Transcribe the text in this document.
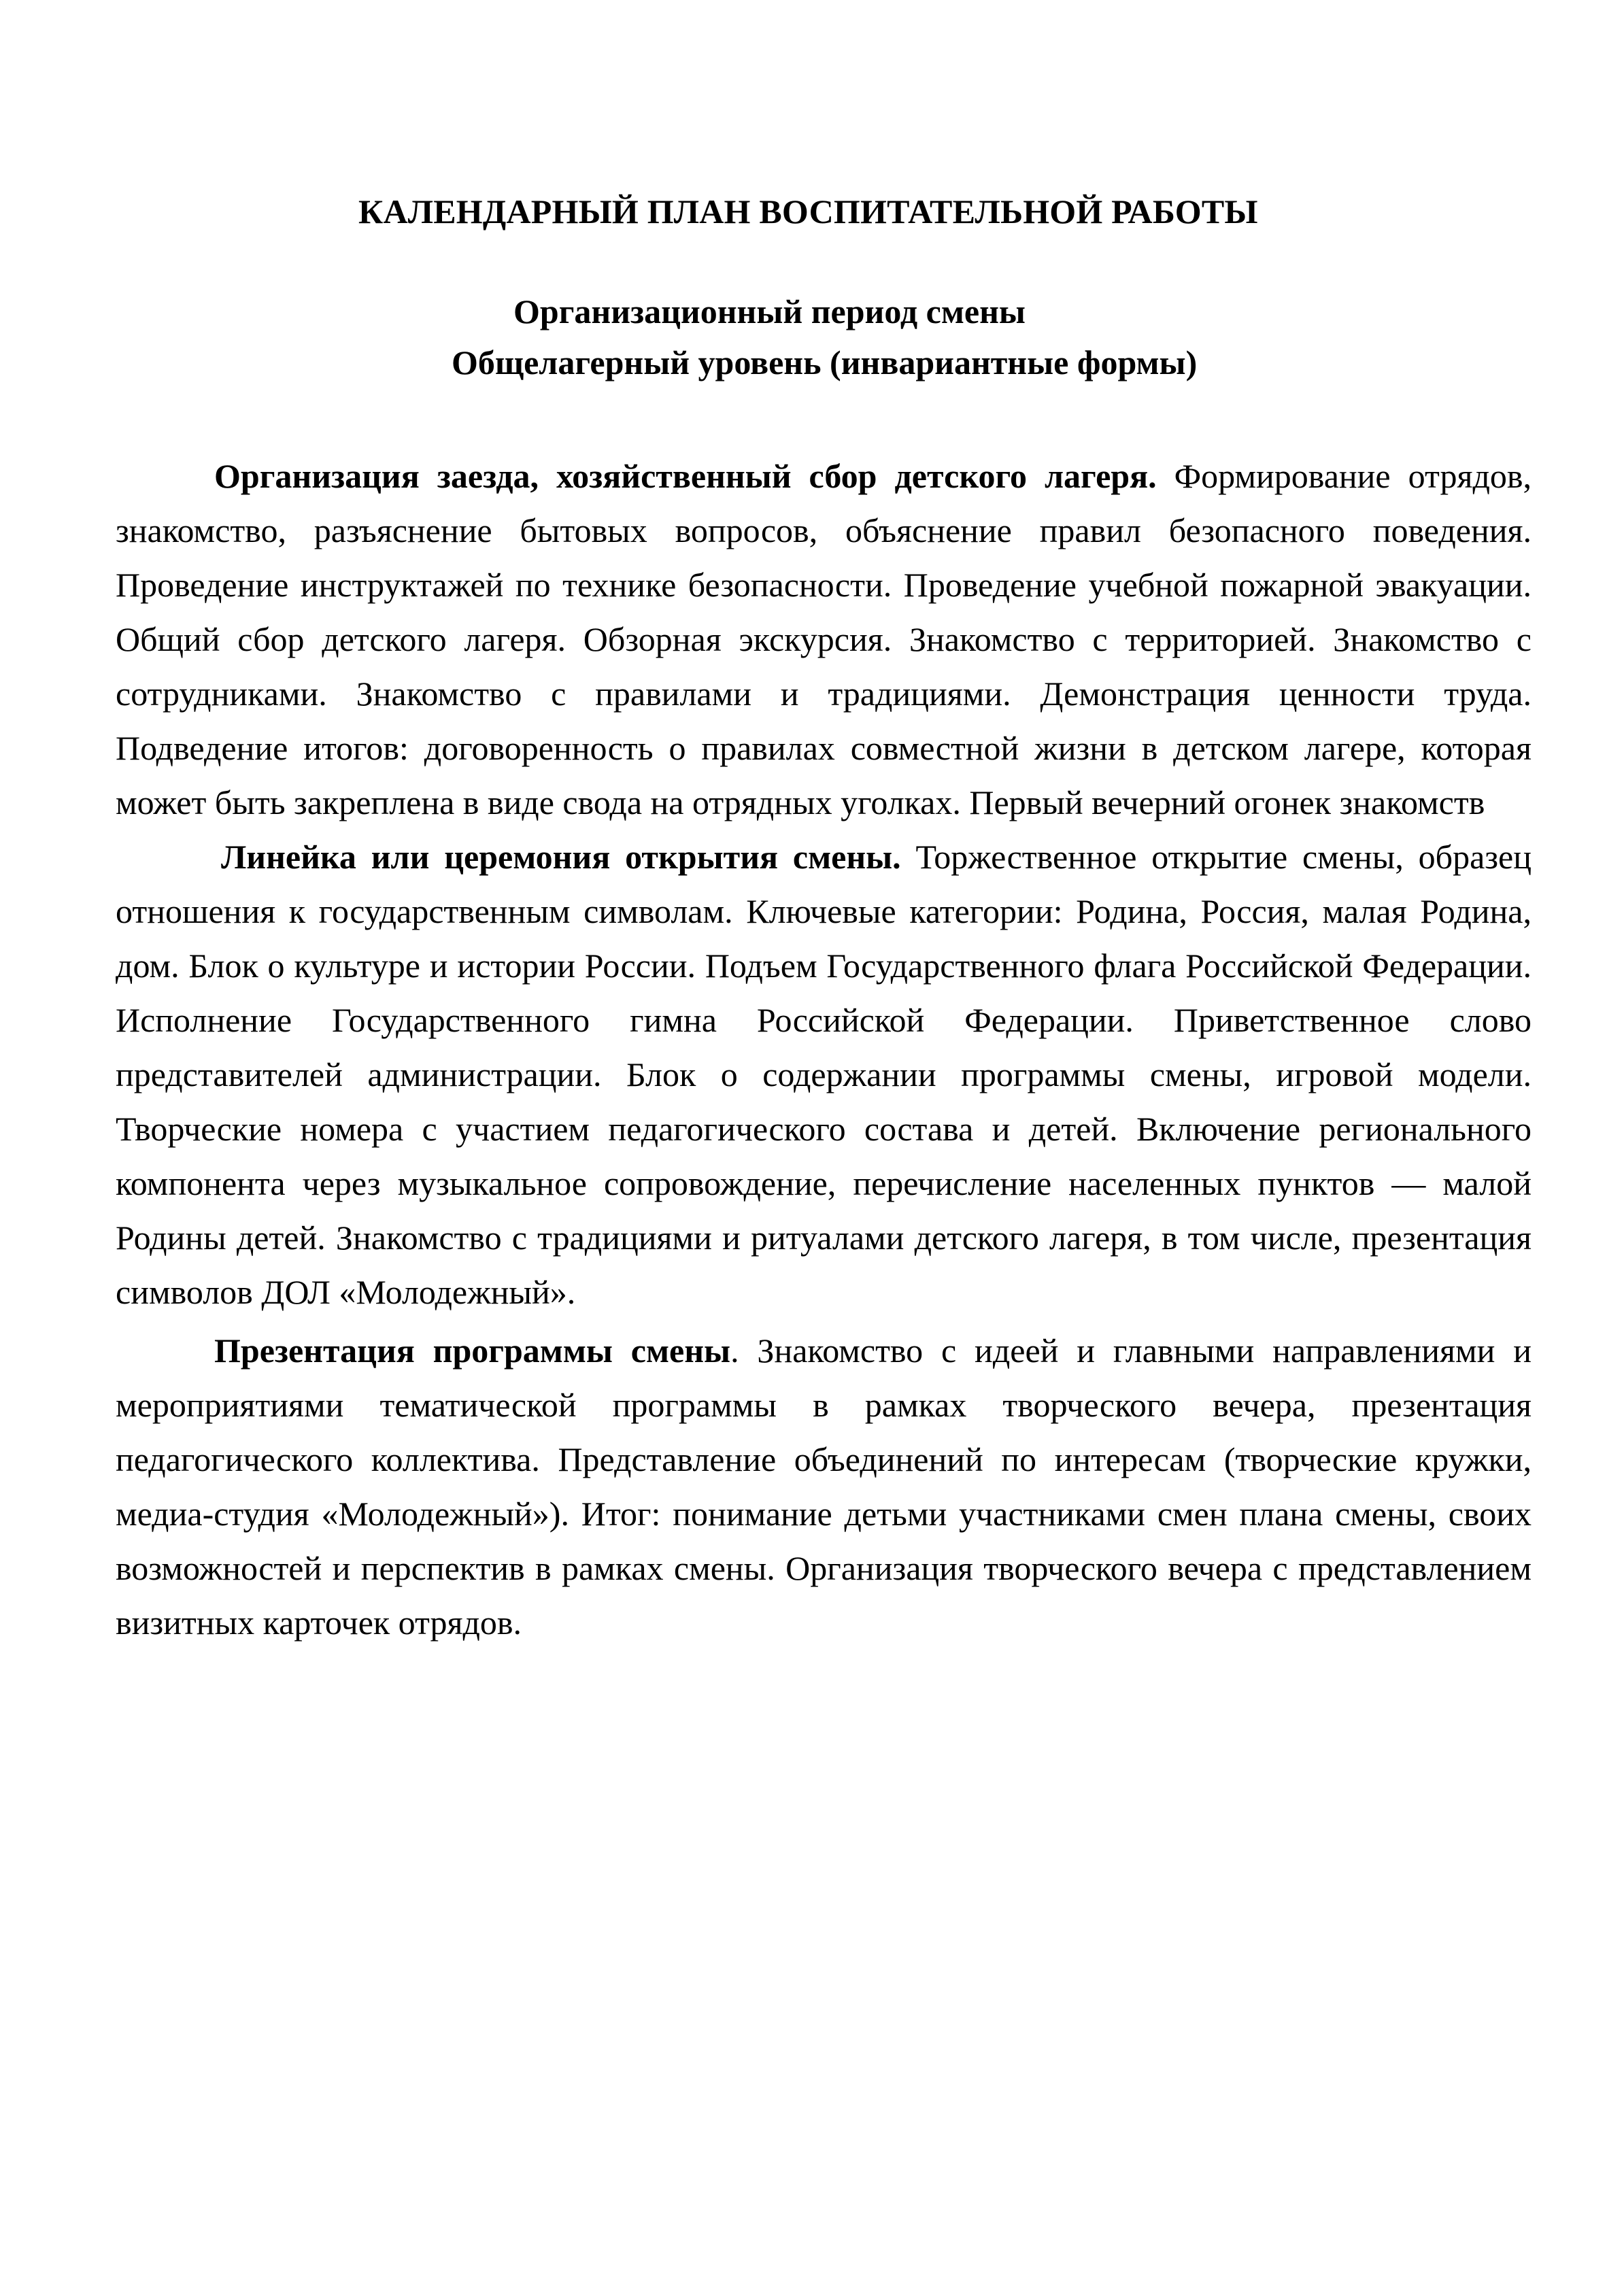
КАЛЕНДАРНЫЙ ПЛАН ВОСПИТАТЕЛЬНОЙ РАБОТЫ
Организационный период смены
Общелагерный уровень (инвариантные формы)

Организация заезда, хозяйственный сбор детского лагеря. Формирование отрядов, знакомство, разъяснение бытовых вопросов, объяснение правил безопасного поведения. Проведение инструктажей по технике безопасности. Проведение учебной пожарной эвакуации. Общий сбор детского лагеря. Обзорная экскурсия. Знакомство с территорией. Знакомство с сотрудниками. Знакомство с правилами и традициями. Демонстрация ценности труда. Подведение итогов: договоренность о правилах совместной жизни в детском лагере, которая может быть закреплена в виде свода на отрядных уголках. Первый вечерний огонек знакомств

Линейка или церемония открытия смены. Торжественное открытие смены, образец отношения к государственным символам. Ключевые категории: Родина, Россия, малая Родина, дом. Блок о культуре и истории России. Подъем Государственного флага Российской Федерации. Исполнение Государственного гимна Российской Федерации. Приветственное слово представителей администрации. Блок о содержании программы смены, игровой модели. Творческие номера с участием педагогического состава и детей. Включение регионального компонента через музыкальное сопровождение, перечисление населенных пунктов — малой Родины детей. Знакомство с традициями и ритуалами детского лагеря, в том числе, презентация символов ДОЛ «Молодежный».

Презентация программы смены. Знакомство с идеей и главными направлениями и мероприятиями тематической программы в рамках творческого вечера, презентация педагогического коллектива. Представление объединений по интересам (творческие кружки, медиа-студия «Молодежный»). Итог: понимание детьми участниками смен плана смены, своих возможностей и перспектив в рамках смены. Организация творческого вечера с представлением визитных карточек отрядов.
